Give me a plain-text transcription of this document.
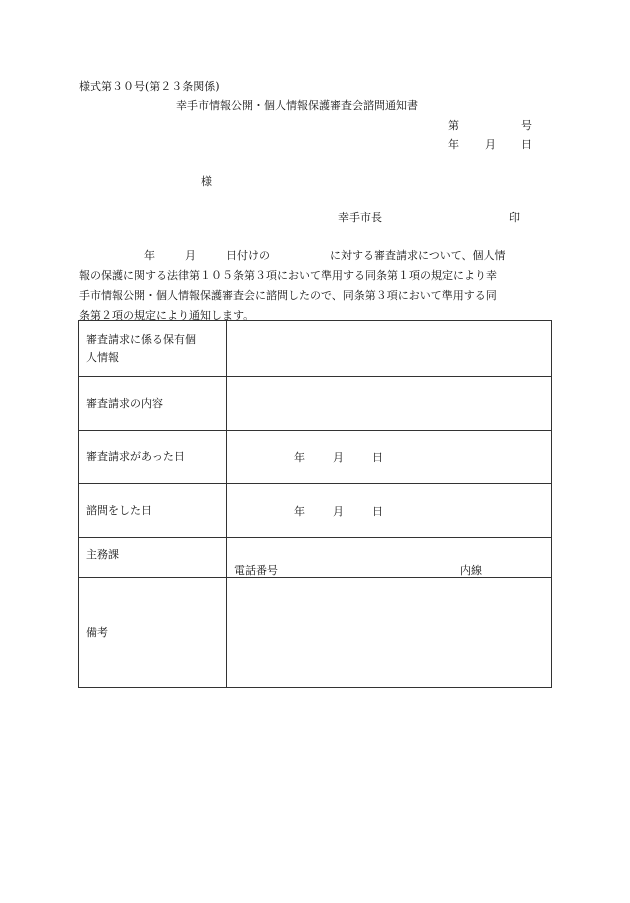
様式第３０号(第２３条関係)
幸手市情報公開・個人情報保護審査会諮問通知書
第	号
年 月 日
様
幸手市長	印
年	月	日付けの	に対する審査請求について、個人情
報の保護に関する法律第１０５条第３項において準用する同条第１項の規定により幸
手市情報公開・個人情報保護審査会に諮問したので、同条第３項において準用する同
条第２項の規定により通知します。
審査請求に係る保有個
人情報	

審査請求の内容	
審査請求があった日	年 月 日

諮問をした日	年 月 日

主務課	電話番号 内線

備考	
